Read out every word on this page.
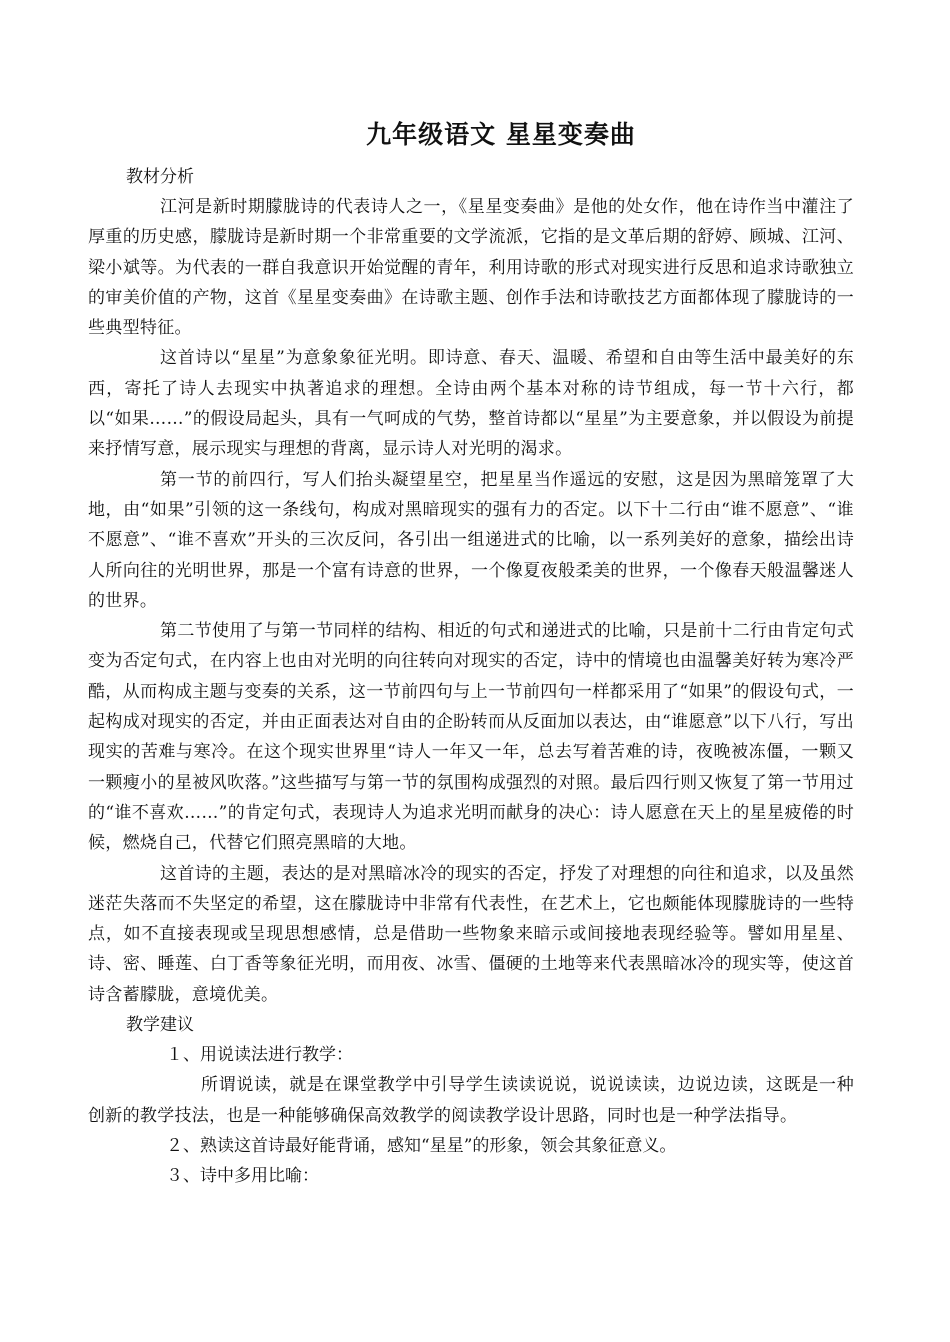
九年级语文 星星变奏曲

教材分析

江河是新时期朦胧诗的代表诗人之一，《星星变奏曲》是他的处女作，他在诗作当中灌注了厚重的历史感，朦胧诗是新时期一个非常重要的文学流派，它指的是文革后期的舒婷、顾城、江河、梁小斌等。为代表的一群自我意识开始觉醒的青年，利用诗歌的形式对现实进行反思和追求诗歌独立的审美价值的产物，这首《星星变奏曲》在诗歌主题、创作手法和诗歌技艺方面都体现了朦胧诗的一些典型特征。

这首诗以“星星”为意象象征光明。即诗意、春天、温暖、希望和自由等生活中最美好的东西，寄托了诗人去现实中执著追求的理想。全诗由两个基本对称的诗节组成，每一节十六行，都以“如果……”的假设局起头，具有一气呵成的气势，整首诗都以“星星”为主要意象，并以假设为前提来抒情写意，展示现实与理想的背离，显示诗人对光明的渴求。

第一节的前四行，写人们抬头凝望星空，把星星当作遥远的安慰，这是因为黑暗笼罩了大地，由“如果”引领的这一条线句，构成对黑暗现实的强有力的否定。以下十二行由“谁不愿意”、“谁不愿意”、“谁不喜欢”开头的三次反问，各引出一组递进式的比喻，以一系列美好的意象，描绘出诗人所向往的光明世界，那是一个富有诗意的世界，一个像夏夜般柔美的世界，一个像春天般温馨迷人的世界。

第二节使用了与第一节同样的结构、相近的句式和递进式的比喻，只是前十二行由肯定句式变为否定句式，在内容上也由对光明的向往转向对现实的否定，诗中的情境也由温馨美好转为寒冷严酷，从而构成主题与变奏的关系，这一节前四句与上一节前四句一样都采用了“如果”的假设句式，一起构成对现实的否定，并由正面表达对自由的企盼转而从反面加以表达，由“谁愿意”以下八行，写出现实的苦难与寒冷。在这个现实世界里“诗人一年又一年，总去写着苦难的诗，夜晚被冻僵，一颗又一颗瘦小的星被风吹落。”这些描写与第一节的氛围构成强烈的对照。最后四行则又恢复了第一节用过的“谁不喜欢……”的肯定句式，表现诗人为追求光明而献身的决心：诗人愿意在天上的星星疲倦的时候，燃烧自己，代替它们照亮黑暗的大地。

这首诗的主题，表达的是对黑暗冰冷的现实的否定，抒发了对理想的向往和追求，以及虽然迷茫失落而不失坚定的希望，这在朦胧诗中非常有代表性，在艺术上，它也颇能体现朦胧诗的一些特点，如不直接表现或呈现思想感情，总是借助一些物象来暗示或间接地表现经验等。譬如用星星、诗、密、睡莲、白丁香等象征光明，而用夜、冰雪、僵硬的土地等来代表黑暗冰冷的现实等，使这首诗含蓄朦胧，意境优美。

教学建议

１、用说读法进行教学：

所谓说读，就是在课堂教学中引导学生读读说说，说说读读，边说边读，这既是一种创新的教学技法，也是一种能够确保高效教学的阅读教学设计思路，同时也是一种学法指导。

２、熟读这首诗最好能背诵，感知“星星”的形象，领会其象征意义。

３、诗中多用比喻：
